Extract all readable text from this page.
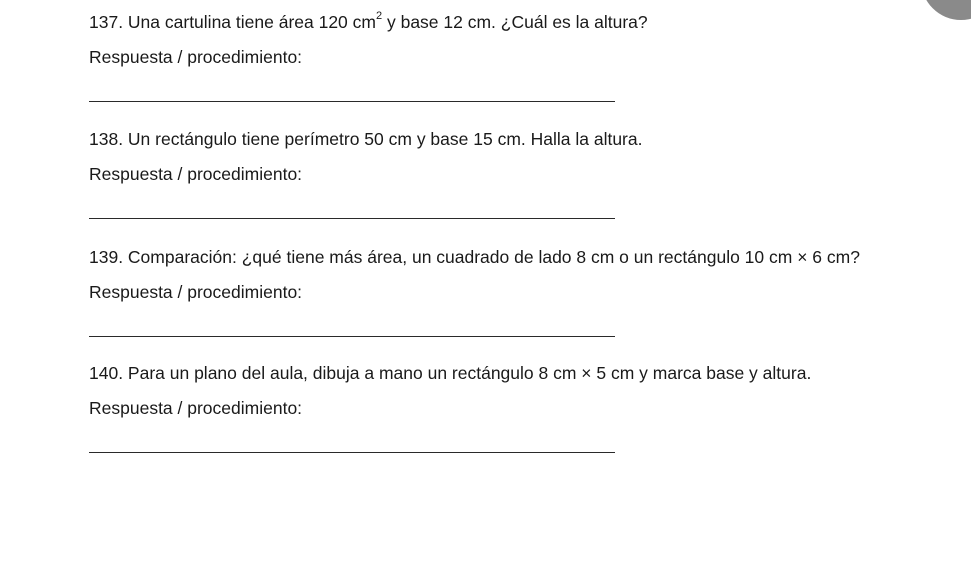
137. Una cartulina tiene área 120 $cm^2$ y base 12 cm. ¿Cuál es la altura?

Respuesta / procedimiento:

138. Un rectángulo tiene perímetro 50 cm y base 15 cm. Halla la altura.

Respuesta / procedimiento:

139. Comparación: ¿qué tiene más área, un cuadrado de lado 8 cm o un rectángulo 10 cm × 6 cm?

Respuesta / procedimiento:

140. Para un plano del aula, dibuja a mano un rectángulo 8 cm × 5 cm y marca base y altura.

Respuesta / procedimiento:
